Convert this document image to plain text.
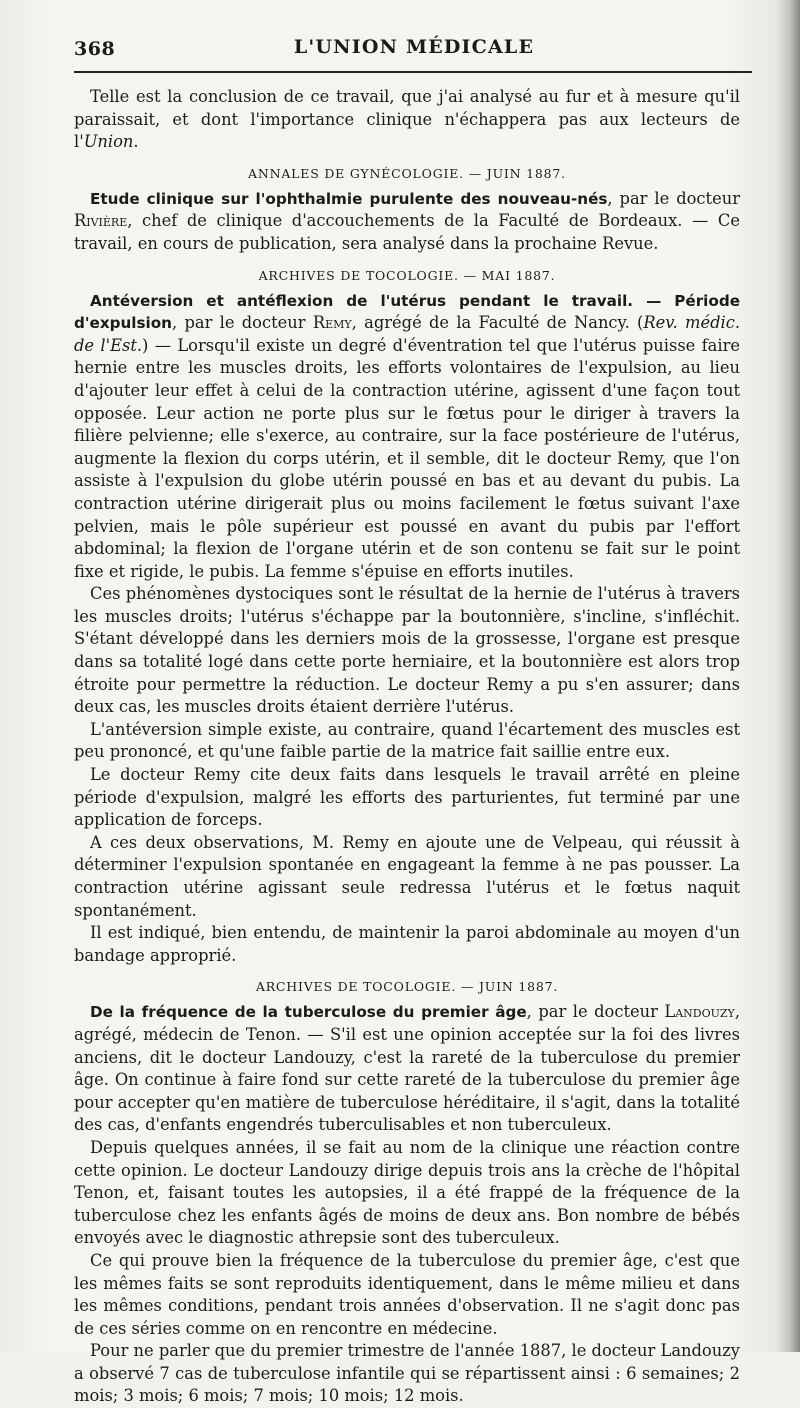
368	L'UNION MÉDICALE

Telle est la conclusion de ce travail, que j'ai analysé au fur et à mesure qu'il paraissait, et dont l'importance clinique n'échappera pas aux lecteurs de l'Union.

ANNALES DE GYNÉCOLOGIE. — JUIN 1887.

Etude clinique sur l'ophthalmie purulente des nouveau-nés, par le docteur Rivière, chef de clinique d'accouchements de la Faculté de Bordeaux. — Ce travail, en cours de publication, sera analysé dans la prochaine Revue.

ARCHIVES DE TOCOLOGIE. — MAI 1887.

Antéversion et antéflexion de l'utérus pendant le travail. — Période d'expulsion, par le docteur Remy, agrégé de la Faculté de Nancy. (Rev. médic. de l'Est.) — Lorsqu'il existe un degré d'éventration tel que l'utérus puisse faire hernie entre les muscles droits, les efforts volontaires de l'expulsion, au lieu d'ajouter leur effet à celui de la contraction utérine, agissent d'une façon tout opposée. Leur action ne porte plus sur le fœtus pour le diriger à travers la filière pelvienne; elle s'exerce, au contraire, sur la face postérieure de l'utérus, augmente la flexion du corps utérin, et il semble, dit le docteur Remy, que l'on assiste à l'expulsion du globe utérin poussé en bas et au devant du pubis. La contraction utérine dirigerait plus ou moins facilement le fœtus suivant l'axe pelvien, mais le pôle supérieur est poussé en avant du pubis par l'effort abdominal; la flexion de l'organe utérin et de son contenu se fait sur le point fixe et rigide, le pubis. La femme s'épuise en efforts inutiles.

Ces phénomènes dystociques sont le résultat de la hernie de l'utérus à travers les muscles droits; l'utérus s'échappe par la boutonnière, s'incline, s'infléchit. S'étant développé dans les derniers mois de la grossesse, l'organe est presque dans sa totalité logé dans cette porte herniaire, et la boutonnière est alors trop étroite pour permettre la réduction. Le docteur Remy a pu s'en assurer; dans deux cas, les muscles droits étaient derrière l'utérus.

L'antéversion simple existe, au contraire, quand l'écartement des muscles est peu prononcé, et qu'une faible partie de la matrice fait saillie entre eux.

Le docteur Remy cite deux faits dans lesquels le travail arrêté en pleine période d'expulsion, malgré les efforts des parturientes, fut terminé par une application de forceps.

A ces deux observations, M. Remy en ajoute une de Velpeau, qui réussit à déterminer l'expulsion spontanée en engageant la femme à ne pas pousser. La contraction utérine agissant seule redressa l'utérus et le fœtus naquit spontanément.

Il est indiqué, bien entendu, de maintenir la paroi abdominale au moyen d'un bandage approprié.

ARCHIVES DE TOCOLOGIE. — JUIN 1887.

De la fréquence de la tuberculose du premier âge, par le docteur Landouzy, agrégé, médecin de Tenon. — S'il est une opinion acceptée sur la foi des livres anciens, dit le docteur Landouzy, c'est la rareté de la tuberculose du premier âge. On continue à faire fond sur cette rareté de la tuberculose du premier âge pour accepter qu'en matière de tuberculose héréditaire, il s'agit, dans la totalité des cas, d'enfants engendrés tuberculisables et non tuberculeux.

Depuis quelques années, il se fait au nom de la clinique une réaction contre cette opinion. Le docteur Landouzy dirige depuis trois ans la crèche de l'hôpital Tenon, et, faisant toutes les autopsies, il a été frappé de la fréquence de la tuberculose chez les enfants âgés de moins de deux ans. Bon nombre de bébés envoyés avec le diagnostic athrepsie sont des tuberculeux.

Ce qui prouve bien la fréquence de la tuberculose du premier âge, c'est que les mêmes faits se sont reproduits identiquement, dans le même milieu et dans les mêmes conditions, pendant trois années d'observation. Il ne s'agit donc pas de ces séries comme on en rencontre en médecine.

Pour ne parler que du premier trimestre de l'année 1887, le docteur Landouzy a observé 7 cas de tuberculose infantile qui se répartissent ainsi : 6 semaines; 2 mois; 3 mois; 6 mois; 7 mois; 10 mois; 12 mois.
